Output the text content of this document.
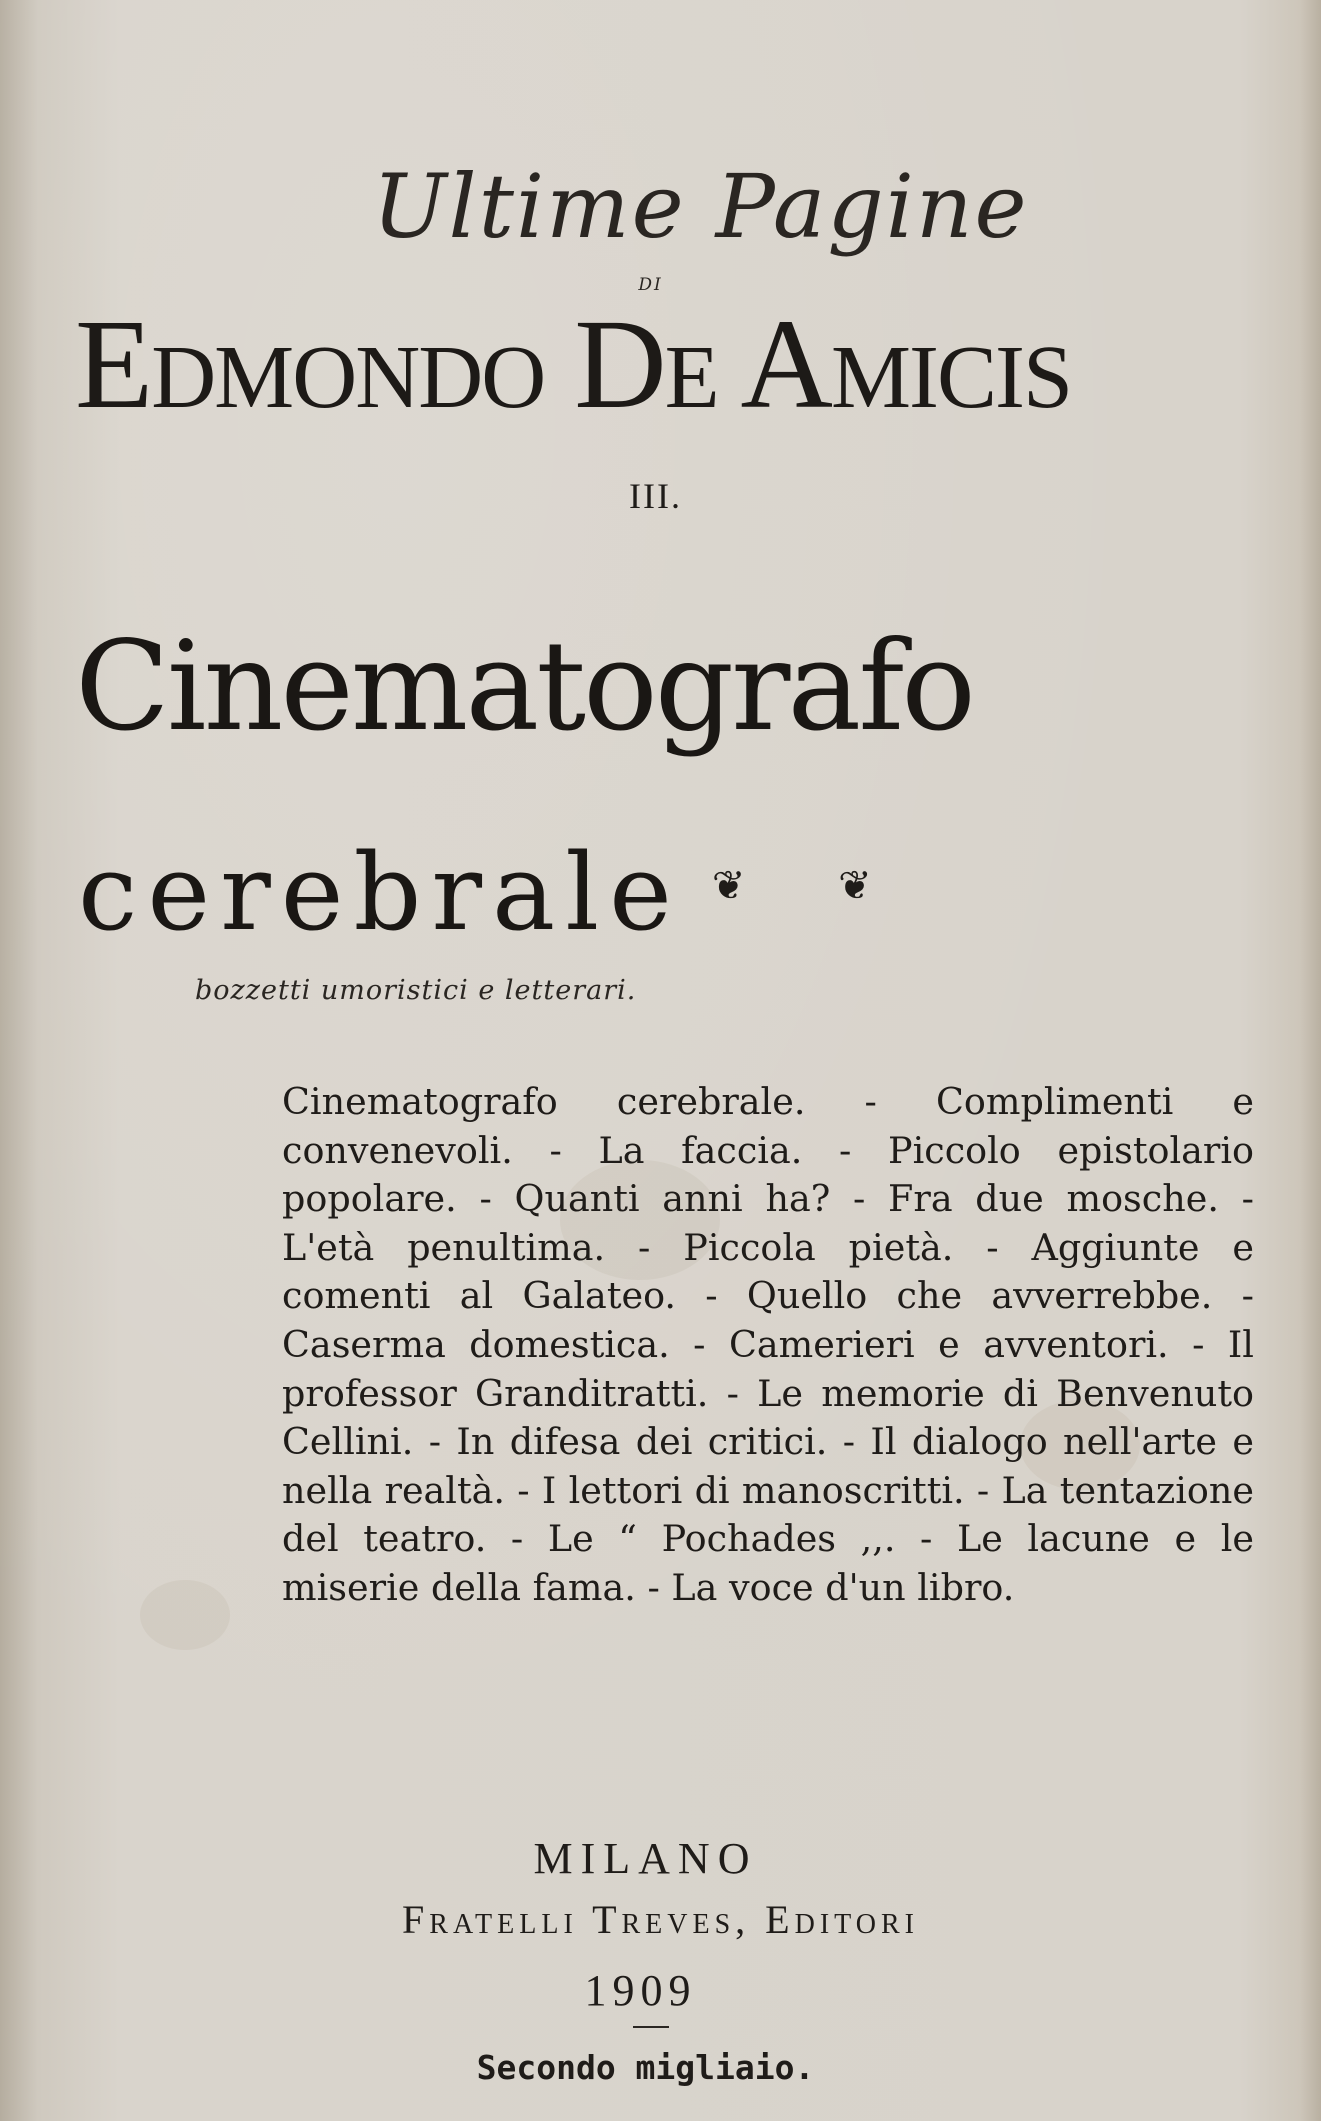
Ultime Pagine
di
Edmondo De Amicis
III.
Cinematografo
cerebrale ❦ ❦
bozzetti umoristici e letterari.
Cinematografo cerebrale. - Complimenti e convenevoli. - La faccia. - Piccolo epistolario popolare. - Quanti anni ha? - Fra due mosche. - L'età penultima. - Piccola pietà. - Aggiunte e comenti al Galateo. - Quello che avverrebbe. - Caserma domestica. - Camerieri e avventori. - Il professor Granditratti. - Le memorie di Benvenuto Cellini. - In difesa dei critici. - Il dialogo nell'arte e nella realtà. - I lettori di manoscritti. - La tentazione del teatro. - Le “ Pochades ,,. - Le lacune e le miserie della fama. - La voce d'un libro.
MILANO
Fratelli Treves, Editori
1909
Secondo migliaio.
